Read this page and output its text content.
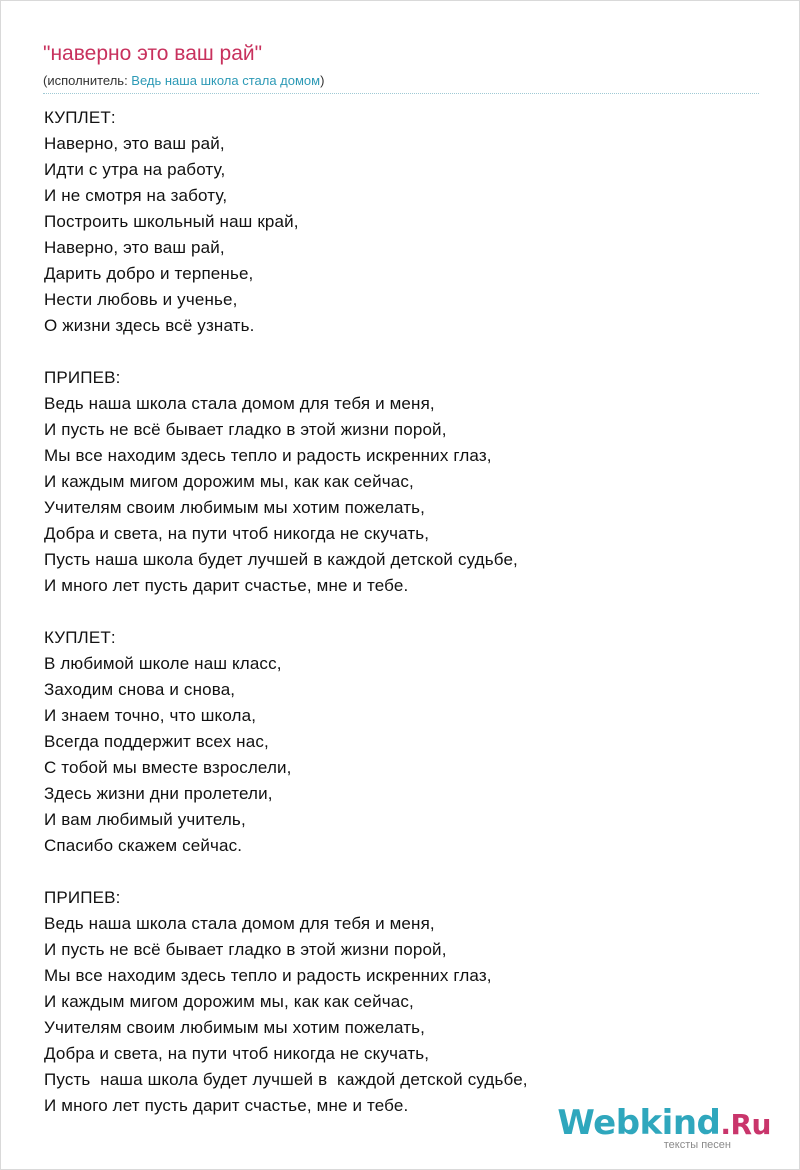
"наверно это ваш рай"
(исполнитель: Ведь наша школа стала домом)
КУПЛЕТ:
Наверно, это ваш рай,
Идти с утра на работу,
И не смотря на заботу,
Построить школьный наш край,
Наверно, это ваш рай,
Дарить добро и терпенье,
Нести любовь и ученье,
О жизни здесь всё узнать.
ПРИПЕВ:
Ведь наша школа стала домом для тебя и меня,
И пусть не всё бывает гладко в этой жизни порой,
Мы все находим здесь тепло и радость искренних глаз,
И каждым мигом дорожим мы, как как сейчас,
Учителям своим любимым мы хотим пожелать,
Добра и света, на пути чтоб никогда не скучать,
Пусть наша школа будет лучшей в каждой детской судьбе,
И много лет пусть дарит счастье, мне и тебе.
КУПЛЕТ:
В любимой школе наш класс,
Заходим снова и снова,
И знаем точно, что школа,
Всегда поддержит всех нас,
С тобой мы вместе взрослели,
Здесь жизни дни пролетели,
И вам любимый учитель,
Спасибо скажем сейчас.
ПРИПЕВ:
Ведь наша школа стала домом для тебя и меня,
И пусть не всё бывает гладко в этой жизни порой,
Мы все находим здесь тепло и радость искренних глаз,
И каждым мигом дорожим мы, как как сейчас,
Учителям своим любимым мы хотим пожелать,
Добра и света, на пути чтоб никогда не скучать,
Пусть  наша школа будет лучшей в  каждой детской судьбе,
И много лет пусть дарит счастье, мне и тебе.	Webkind.Ru
тексты песен
